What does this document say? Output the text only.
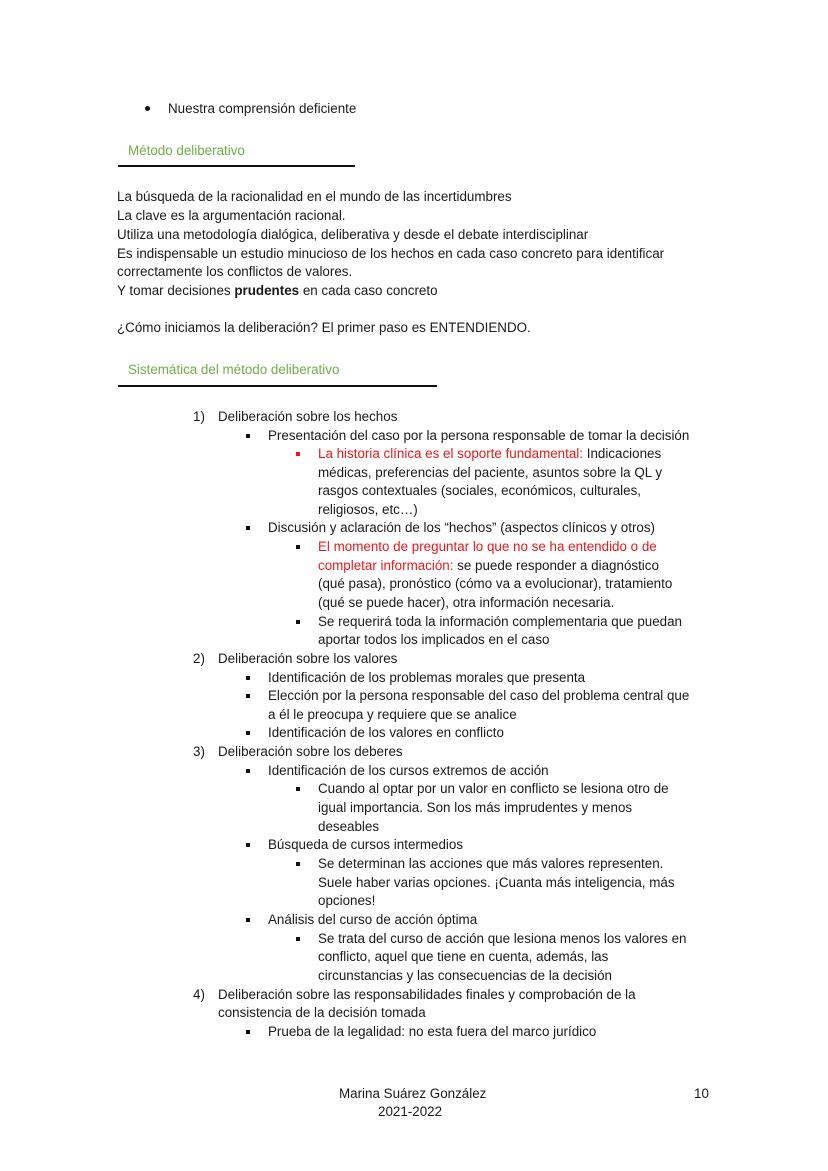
Nuestra comprensión deficiente
Método deliberativo
La búsqueda de la racionalidad en el mundo de las incertidumbres
La clave es la argumentación racional.
Utiliza una metodología dialógica, deliberativa y desde el debate interdisciplinar
Es indispensable un estudio minucioso de los hechos en cada caso concreto para identificar
correctamente los conflictos de valores.
Y tomar decisiones prudentes en cada caso concreto
¿Cómo iniciamos la deliberación? El primer paso es ENTENDIENDO.
Sistemática del método deliberativo
1) Deliberación sobre los hechos
Presentación del caso por la persona responsable de tomar la decisión
La historia clínica es el soporte fundamental: Indicaciones
médicas, preferencias del paciente, asuntos sobre la QL y
rasgos contextuales (sociales, económicos, culturales,
religiosos, etc…)
Discusión y aclaración de los “hechos” (aspectos clínicos y otros)
El momento de preguntar lo que no se ha entendido o de
completar información: se puede responder a diagnóstico
(qué pasa), pronóstico (cómo va a evolucionar), tratamiento
(qué se puede hacer), otra información necesaria.
Se requerirá toda la información complementaria que puedan
aportar todos los implicados en el caso
2) Deliberación sobre los valores
Identificación de los problemas morales que presenta
Elección por la persona responsable del caso del problema central que
a él le preocupa y requiere que se analice
Identificación de los valores en conflicto
3) Deliberación sobre los deberes
Identificación de los cursos extremos de acción
Cuando al optar por un valor en conflicto se lesiona otro de
igual importancia. Son los más imprudentes y menos
deseables
Búsqueda de cursos intermedios
Se determinan las acciones que más valores representen.
Suele haber varias opciones. ¡Cuanta más inteligencia, más
opciones!
Análisis del curso de acción óptima
Se trata del curso de acción que lesiona menos los valores en
conflicto, aquel que tiene en cuenta, además, las
circunstancias y las consecuencias de la decisión
4) Deliberación sobre las responsabilidades finales y comprobación de la
consistencia de la decisión tomada
Prueba de la legalidad: no esta fuera del marco jurídico
Marina Suárez González
2021-2022
10
